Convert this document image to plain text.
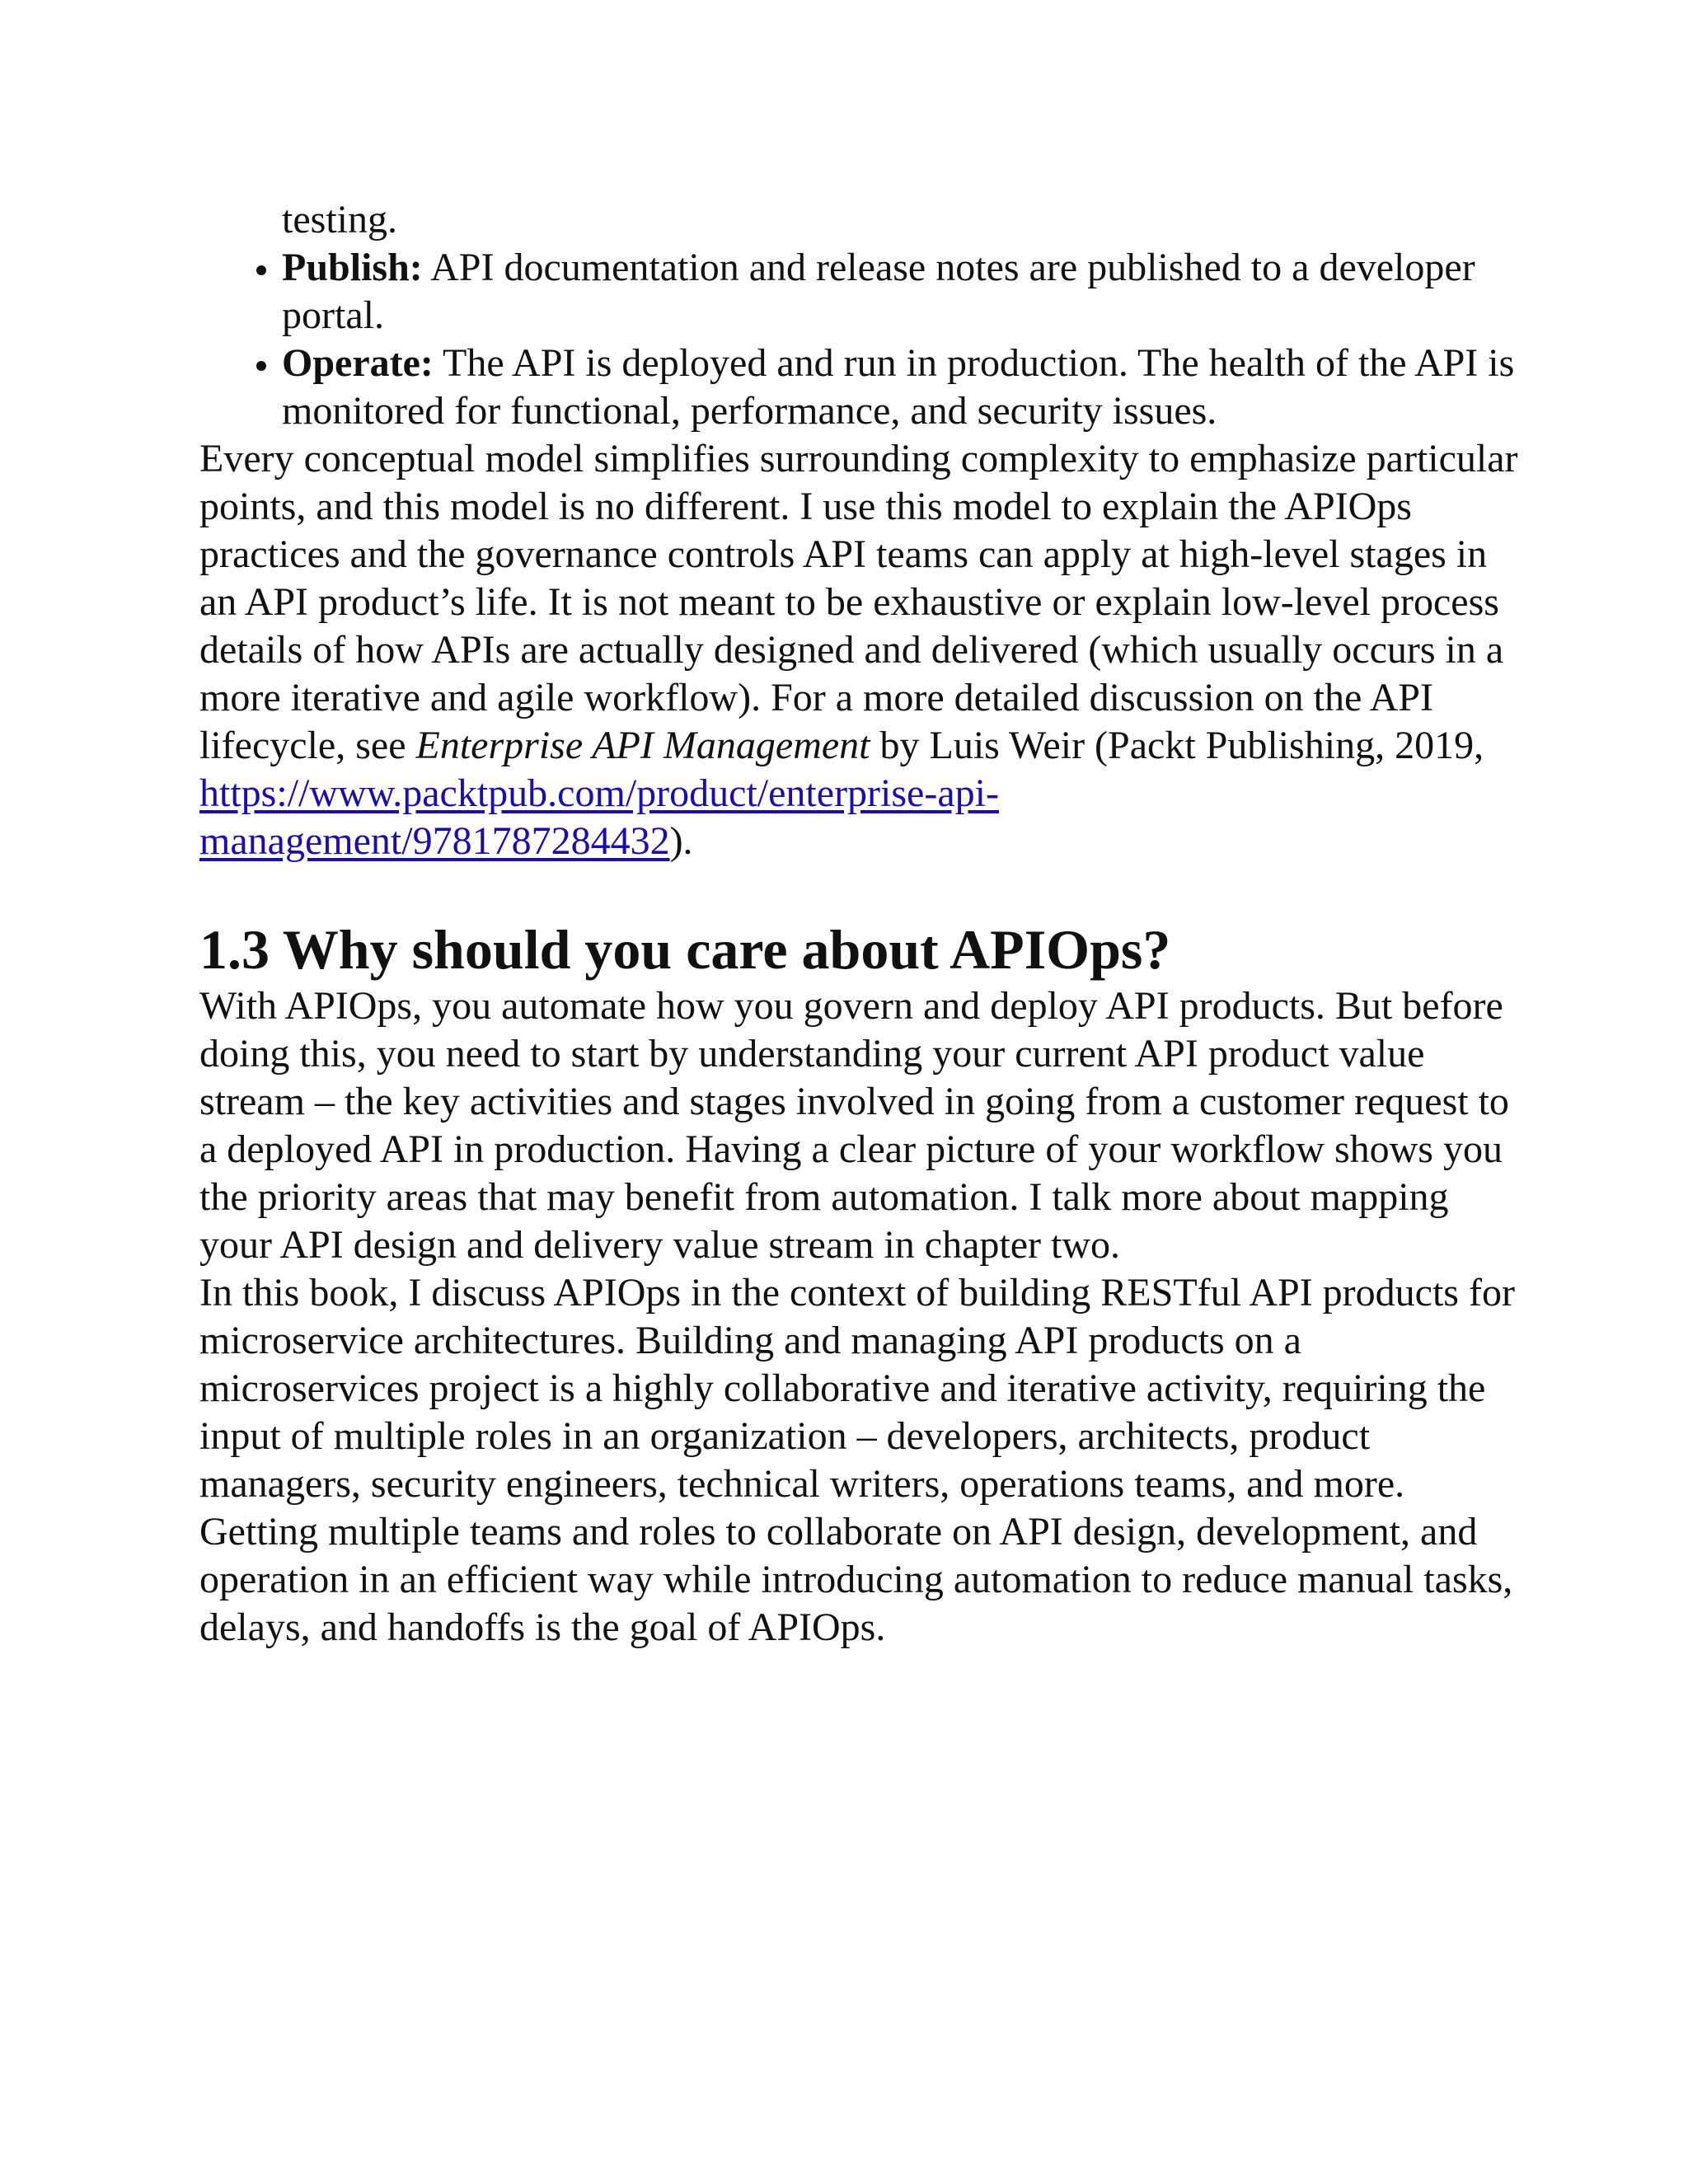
testing.
• Publish: API documentation and release notes are published to a developer portal.
• Operate: The API is deployed and run in production. The health of the API is monitored for functional, performance, and security issues.

Every conceptual model simplifies surrounding complexity to emphasize particular points, and this model is no different. I use this model to explain the APIOps practices and the governance controls API teams can apply at high-level stages in an API product’s life. It is not meant to be exhaustive or explain low-level process details of how APIs are actually designed and delivered (which usually occurs in a more iterative and agile workflow). For a more detailed discussion on the API lifecycle, see Enterprise API Management by Luis Weir (Packt Publishing, 2019,
https://www.packtpub.com/product/enterprise-api-
management/9781787284432).

1.3 Why should you care about APIOps?

With APIOps, you automate how you govern and deploy API products. But before doing this, you need to start by understanding your current API product value stream – the key activities and stages involved in going from a customer request to a deployed API in production. Having a clear picture of your workflow shows you the priority areas that may benefit from automation. I talk more about mapping your API design and delivery value stream in chapter two.

In this book, I discuss APIOps in the context of building RESTful API products for microservice architectures. Building and managing API products on a microservices project is a highly collaborative and iterative activity, requiring the input of multiple roles in an organization – developers, architects, product managers, security engineers, technical writers, operations teams, and more. Getting multiple teams and roles to collaborate on API design, development, and operation in an efficient way while introducing automation to reduce manual tasks, delays, and handoffs is the goal of APIOps.
